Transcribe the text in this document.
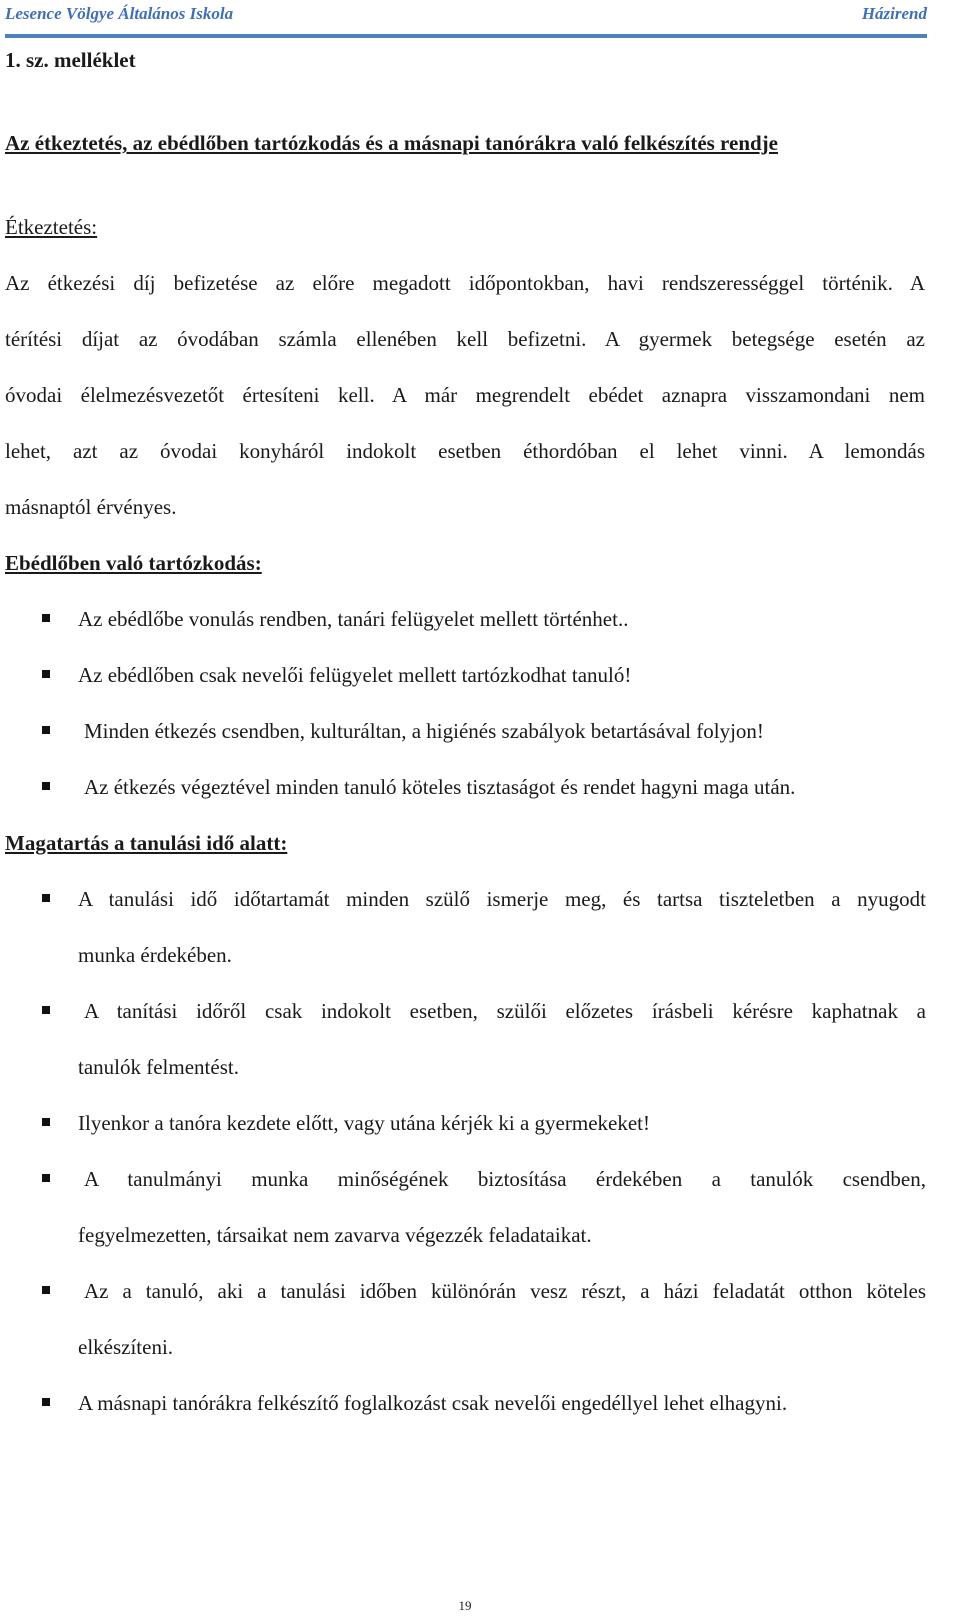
Lesence Völgye Általános Iskola	Házirend
1. sz. melléklet
Az étkeztetés, az ebédlőben tartózkodás és a másnapi tanórákra való felkészítés rendje
Étkeztetés:
Az étkezési díj befizetése az előre megadott időpontokban, havi rendszerességgel történik. A
térítési díjat az óvodában számla ellenében kell befizetni. A gyermek betegsége esetén az
óvodai élelmezésvezetőt értesíteni kell. A már megrendelt ebédet aznapra visszamondani nem
lehet, azt az óvodai konyháról indokolt esetben éthordóban el lehet vinni. A lemondás
másnaptól érvényes.
Ebédlőben való tartózkodás:
Az ebédlőbe vonulás rendben, tanári felügyelet mellett történhet..
Az ebédlőben csak nevelői felügyelet mellett tartózkodhat tanuló!
Minden étkezés csendben, kulturáltan, a higiénés szabályok betartásával folyjon!
Az étkezés végeztével minden tanuló köteles tisztaságot és rendet hagyni maga után.
Magatartás a tanulási idő alatt:
A tanulási idő időtartamát minden szülő ismerje meg, és tartsa tiszteletben a nyugodt
munka érdekében.
A tanítási időről csak indokolt esetben, szülői előzetes írásbeli kérésre kaphatnak a
tanulók felmentést.
Ilyenkor a tanóra kezdete előtt, vagy utána kérjék ki a gyermekeket!
A tanulmányi munka minőségének biztosítása érdekében a tanulók csendben,
fegyelmezetten, társaikat nem zavarva végezzék feladataikat.
Az a tanuló, aki a tanulási időben különórán vesz részt, a házi feladatát otthon köteles
elkészíteni.
A másnapi tanórákra felkészítő foglalkozást csak nevelői engedéllyel lehet elhagyni.
19
